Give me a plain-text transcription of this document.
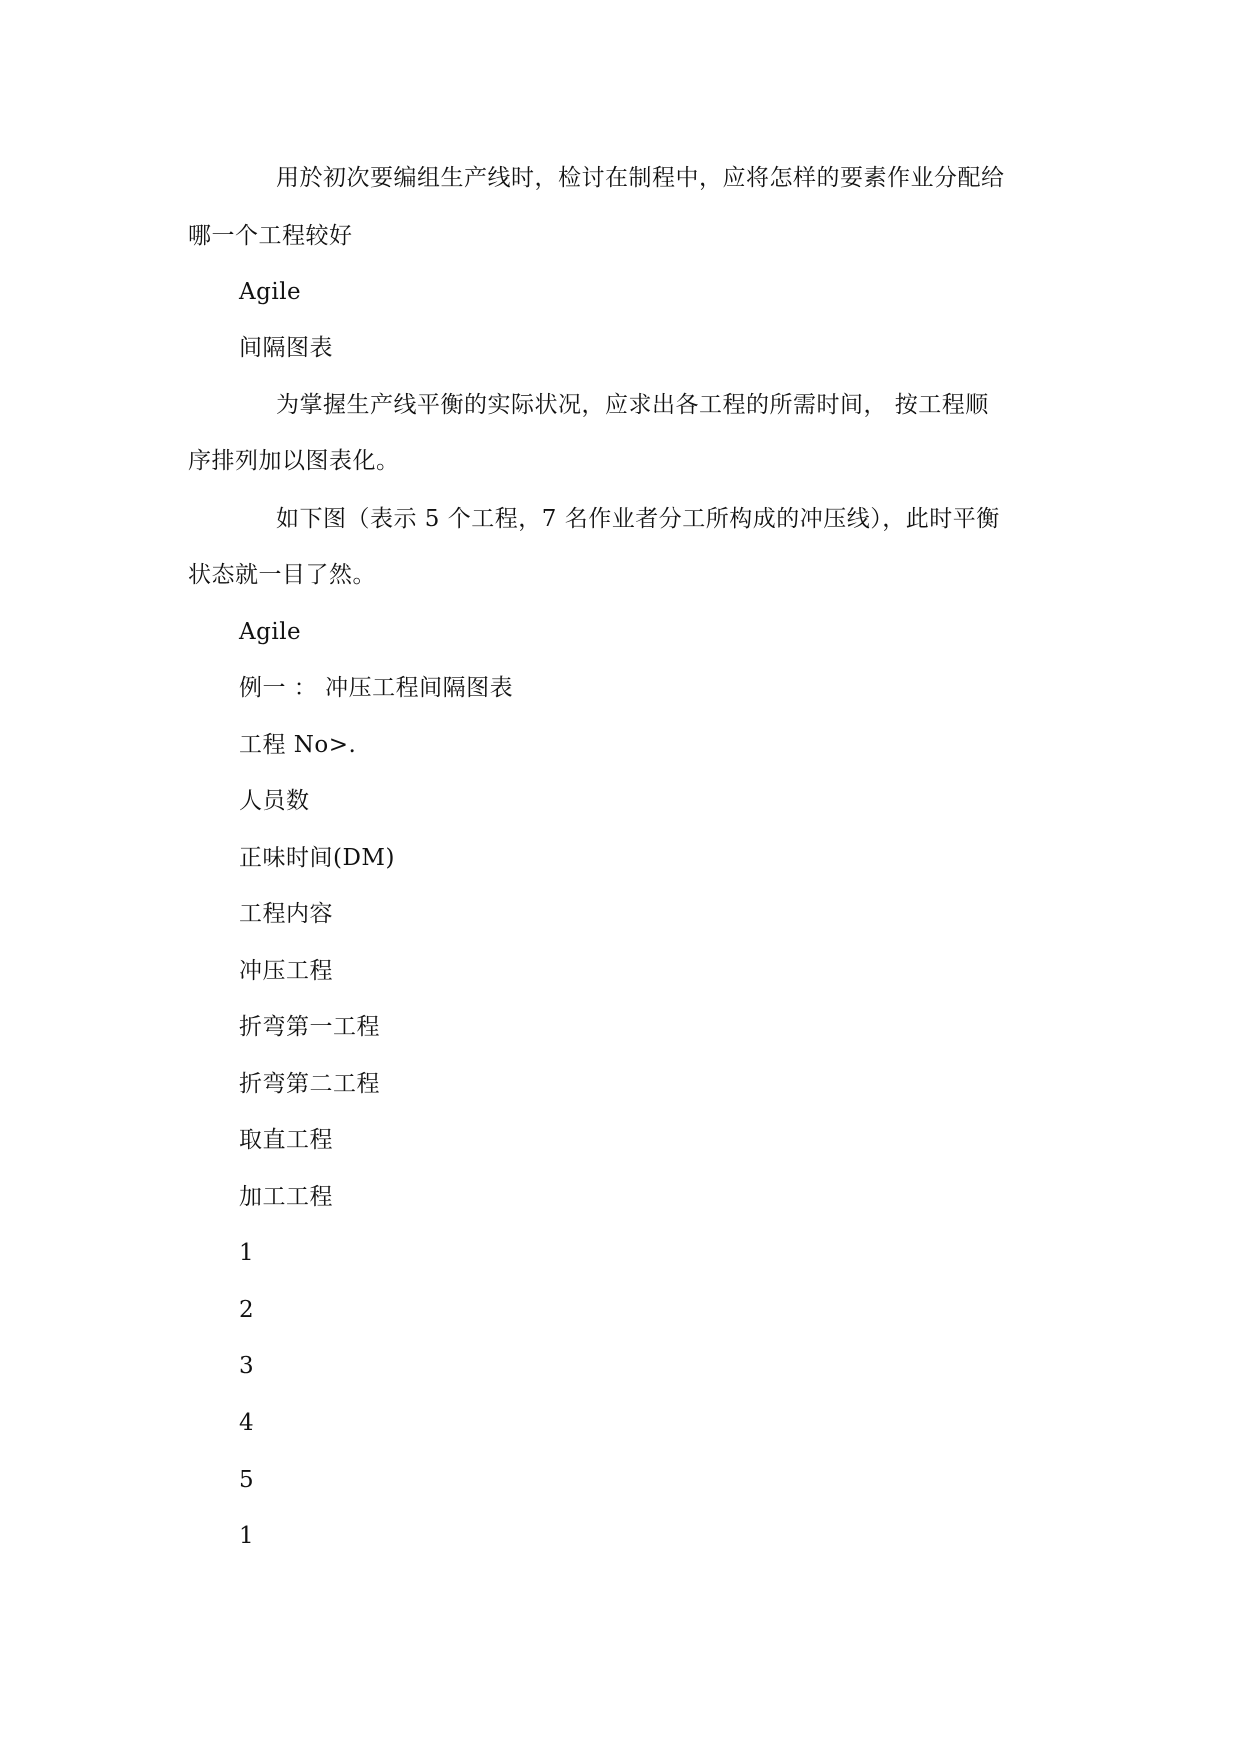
用於初次要编组生产线时，检讨在制程中，应将怎样的要素作业分配给
哪一个工程较好
Agile
间隔图表
为掌握生产线平衡的实际状况，应求出各工程的所需时间， 按工程顺
序排列加以图表化。
如下图（表示 5 个工程，7 名作业者分工所构成的冲压线），此时平衡
状态就一目了然。
Agile
例一 ： 冲压工程间隔图表
工程 No>.
人员数
正味时间(DM)
工程内容
冲压工程
折弯第一工程
折弯第二工程
取直工程
加工工程
1
2
3
4
5
1
